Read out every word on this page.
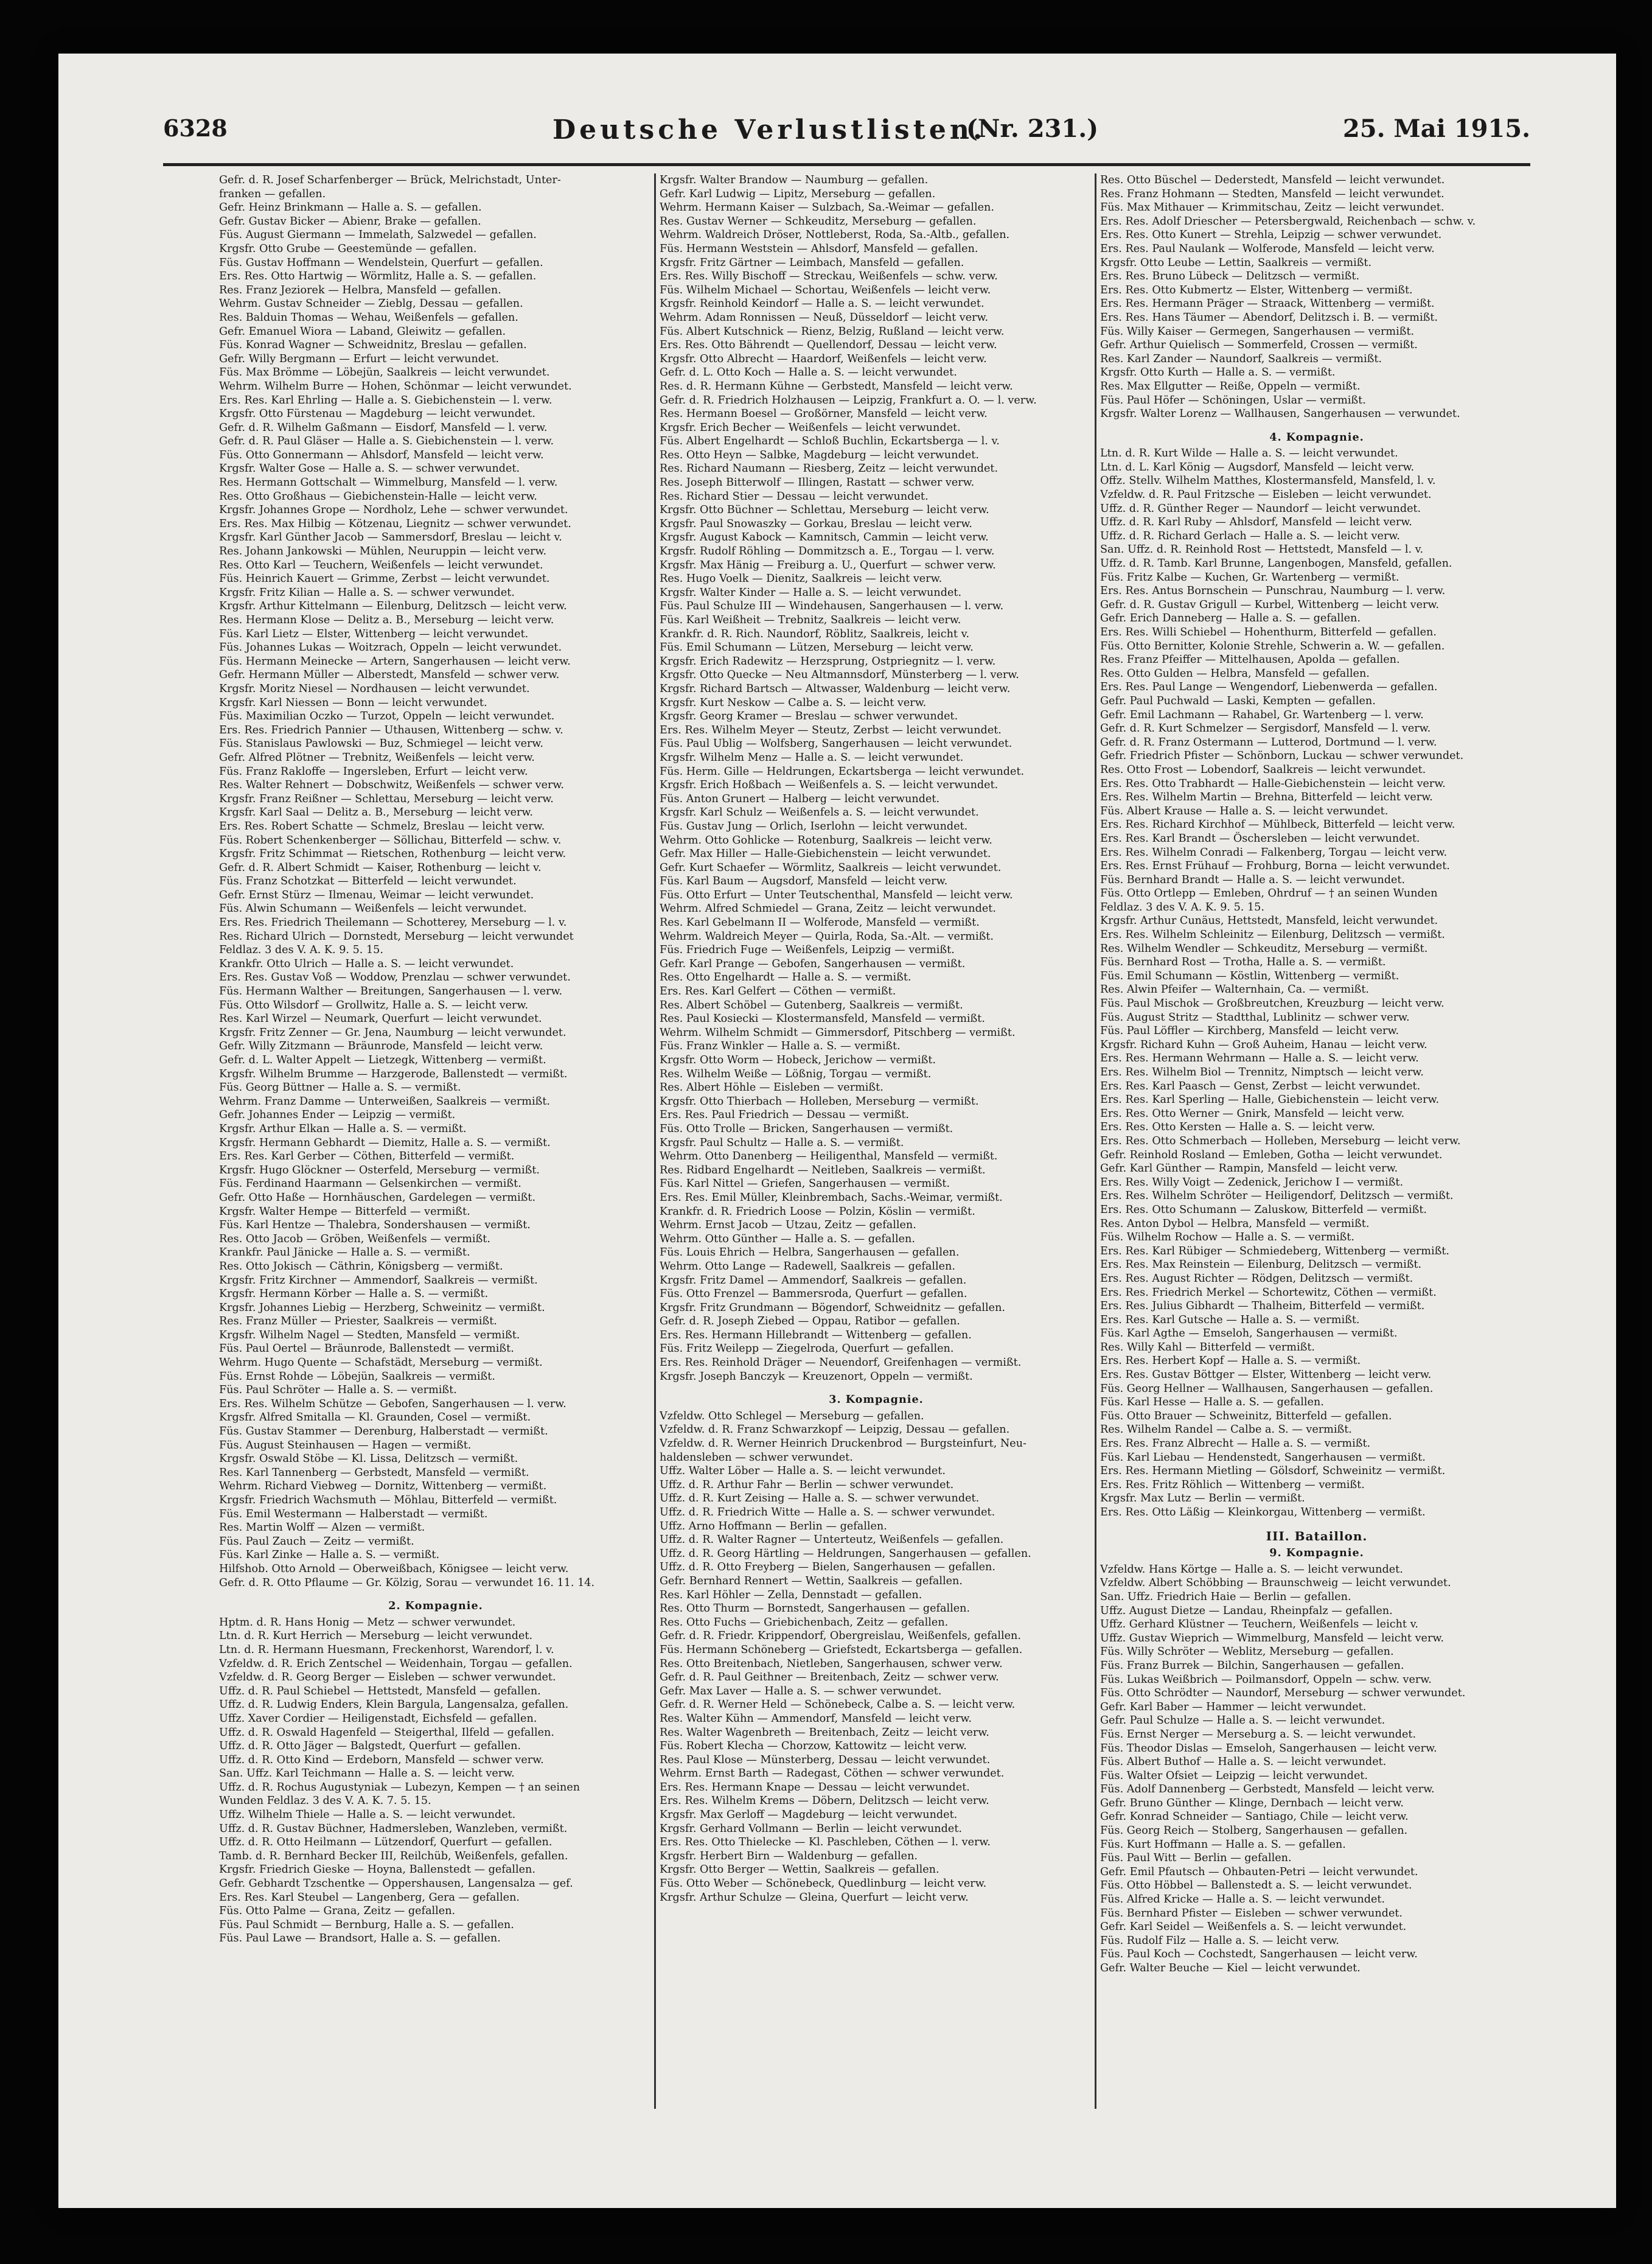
6328	Deutsche Verlustlisten.
(Nr. 231.)	25. Mai 1915.
Gefr. d. R. Josef Scharfenberger — Brück, Melrichstadt, Unter-
franken — gefallen.
Gefr. Heinz Brinkmann — Halle a. S. — gefallen.
Gefr. Gustav Bicker — Abienr, Brake — gefallen.
Füs. August Giermann — Immelath, Salzwedel — gefallen.
Krgsfr. Otto Grube — Geestemünde — gefallen.
Füs. Gustav Hoffmann — Wendelstein, Querfurt — gefallen.
Ers. Res. Otto Hartwig — Wörmlitz, Halle a. S. — gefallen.
Res. Franz Jeziorek — Helbra, Mansfeld — gefallen.
Wehrm. Gustav Schneider — Zieblg, Dessau — gefallen.
Res. Balduin Thomas — Wehau, Weißenfels — gefallen.
Gefr. Emanuel Wiora — Laband, Gleiwitz — gefallen.
Füs. Konrad Wagner — Schweidnitz, Breslau — gefallen.
Gefr. Willy Bergmann — Erfurt — leicht verwundet.
Füs. Max Brömme — Löbejün, Saalkreis — leicht verwundet.
Wehrm. Wilhelm Burre — Hohen, Schönmar — leicht verwundet.
Ers. Res. Karl Ehrling — Halle a. S. Giebichenstein — l. verw.
Krgsfr. Otto Fürstenau — Magdeburg — leicht verwundet.
Gefr. d. R. Wilhelm Gaßmann — Eisdorf, Mansfeld — l. verw.
Gefr. d. R. Paul Gläser — Halle a. S. Giebichenstein — l. verw.
Füs. Otto Gonnermann — Ahlsdorf, Mansfeld — leicht verw.
Krgsfr. Walter Gose — Halle a. S. — schwer verwundet.
Res. Hermann Gottschalt — Wimmelburg, Mansfeld — l. verw.
Res. Otto Großhaus — Giebichenstein-Halle — leicht verw.
Krgsfr. Johannes Grope — Nordholz, Lehe — schwer verwundet.
Ers. Res. Max Hilbig — Kötzenau, Liegnitz — schwer verwundet.
Krgsfr. Karl Günther Jacob — Sammersdorf, Breslau — leicht v.
Res. Johann Jankowski — Mühlen, Neuruppin — leicht verw.
Res. Otto Karl — Teuchern, Weißenfels — leicht verwundet.
Füs. Heinrich Kauert — Grimme, Zerbst — leicht verwundet.
Krgsfr. Fritz Kilian — Halle a. S. — schwer verwundet.
Krgsfr. Arthur Kittelmann — Eilenburg, Delitzsch — leicht verw.
Res. Hermann Klose — Delitz a. B., Merseburg — leicht verw.
Füs. Karl Lietz — Elster, Wittenberg — leicht verwundet.
Füs. Johannes Lukas — Woitzrach, Oppeln — leicht verwundet.
Füs. Hermann Meinecke — Artern, Sangerhausen — leicht verw.
Gefr. Hermann Müller — Alberstedt, Mansfeld — schwer verw.
Krgsfr. Moritz Niesel — Nordhausen — leicht verwundet.
Krgsfr. Karl Niessen — Bonn — leicht verwundet.
Füs. Maximilian Oczko — Turzot, Oppeln — leicht verwundet.
Ers. Res. Friedrich Pannier — Uthausen, Wittenberg — schw. v.
Füs. Stanislaus Pawlowski — Buz, Schmiegel — leicht verw.
Gefr. Alfred Plötner — Trebnitz, Weißenfels — leicht verw.
Füs. Franz Rakloffe — Ingersleben, Erfurt — leicht verw.
Res. Walter Rehnert — Dobschwitz, Weißenfels — schwer verw.
Krgsfr. Franz Reißner — Schlettau, Merseburg — leicht verw.
Krgsfr. Karl Saal — Delitz a. B., Merseburg — leicht verw.
Ers. Res. Robert Schatte — Schmelz, Breslau — leicht verw.
Füs. Robert Schenkenberger — Söllichau, Bitterfeld — schw. v.
Krgsfr. Fritz Schimmat — Rietschen, Rothenburg — leicht verw.
Gefr. d. R. Albert Schmidt — Kaiser, Rothenburg — leicht v.
Füs. Franz Schotzkat — Bitterfeld — leicht verwundet.
Gefr. Ernst Stürz — Ilmenau, Weimar — leicht verwundet.
Füs. Alwin Schumann — Weißenfels — leicht verwundet.
Ers. Res. Friedrich Theilemann — Schotterey, Merseburg — l. v.
Res. Richard Ulrich — Dornstedt, Merseburg — leicht verwundet
Feldlaz. 3 des V. A. K. 9. 5. 15.
Krankfr. Otto Ulrich — Halle a. S. — leicht verwundet.
Ers. Res. Gustav Voß — Woddow, Prenzlau — schwer verwundet.
Füs. Hermann Walther — Breitungen, Sangerhausen — l. verw.
Füs. Otto Wilsdorf — Grollwitz, Halle a. S. — leicht verw.
Res. Karl Wirzel — Neumark, Querfurt — leicht verwundet.
Krgsfr. Fritz Zenner — Gr. Jena, Naumburg — leicht verwundet.
Gefr. Willy Zitzmann — Bräunrode, Mansfeld — leicht verw.
Gefr. d. L. Walter Appelt — Lietzegk, Wittenberg — vermißt.
Krgsfr. Wilhelm Brumme — Harzgerode, Ballenstedt — vermißt.
Füs. Georg Büttner — Halle a. S. — vermißt.
Wehrm. Franz Damme — Unterweißen, Saalkreis — vermißt.
Gefr. Johannes Ender — Leipzig — vermißt.
Krgsfr. Arthur Elkan — Halle a. S. — vermißt.
Krgsfr. Hermann Gebhardt — Diemitz, Halle a. S. — vermißt.
Ers. Res. Karl Gerber — Cöthen, Bitterfeld — vermißt.
Krgsfr. Hugo Glöckner — Osterfeld, Merseburg — vermißt.
Füs. Ferdinand Haarmann — Gelsenkirchen — vermißt.
Gefr. Otto Haße — Hornhäuschen, Gardelegen — vermißt.
Krgsfr. Walter Hempe — Bitterfeld — vermißt.
Füs. Karl Hentze — Thalebra, Sondershausen — vermißt.
Res. Otto Jacob — Gröben, Weißenfels — vermißt.
Krankfr. Paul Jänicke — Halle a. S. — vermißt.
Res. Otto Jokisch — Cäthrin, Königsberg — vermißt.
Krgsfr. Fritz Kirchner — Ammendorf, Saalkreis — vermißt.
Krgsfr. Hermann Körber — Halle a. S. — vermißt.
Krgsfr. Johannes Liebig — Herzberg, Schweinitz — vermißt.
Res. Franz Müller — Priester, Saalkreis — vermißt.
Krgsfr. Wilhelm Nagel — Stedten, Mansfeld — vermißt.
Füs. Paul Oertel — Bräunrode, Ballenstedt — vermißt.
Wehrm. Hugo Quente — Schafstädt, Merseburg — vermißt.
Füs. Ernst Rohde — Löbejün, Saalkreis — vermißt.
Füs. Paul Schröter — Halle a. S. — vermißt.
Ers. Res. Wilhelm Schütze — Gebofen, Sangerhausen — l. verw.
Krgsfr. Alfred Smitalla — Kl. Graunden, Cosel — vermißt.
Füs. Gustav Stammer — Derenburg, Halberstadt — vermißt.
Füs. August Steinhausen — Hagen — vermißt.
Krgsfr. Oswald Stöbe — Kl. Lissa, Delitzsch — vermißt.
Res. Karl Tannenberg — Gerbstedt, Mansfeld — vermißt.
Wehrm. Richard Viebweg — Dornitz, Wittenberg — vermißt.
Krgsfr. Friedrich Wachsmuth — Möhlau, Bitterfeld — vermißt.
Füs. Emil Westermann — Halberstadt — vermißt.
Res. Martin Wolff — Alzen — vermißt.
Füs. Paul Zauch — Zeitz — vermißt.
Füs. Karl Zinke — Halle a. S. — vermißt.
Hilfshob. Otto Arnold — Oberweißbach, Königsee — leicht verw.
Gefr. d. R. Otto Pflaume — Gr. Kölzig, Sorau — verwundet 16. 11. 14.
2. Kompagnie.
Hptm. d. R. Hans Honig — Metz — schwer verwundet.
Ltn. d. R. Kurt Herrich — Merseburg — leicht verwundet.
Ltn. d. R. Hermann Huesmann, Freckenhorst, Warendorf, l. v.
Vzfeldw. d. R. Erich Zentschel — Weidenhain, Torgau — gefallen.
Vzfeldw. d. R. Georg Berger — Eisleben — schwer verwundet.
Uffz. d. R. Paul Schiebel — Hettstedt, Mansfeld — gefallen.
Uffz. d. R. Ludwig Enders, Klein Bargula, Langensalza, gefallen.
Uffz. Xaver Cordier — Heiligenstadt, Eichsfeld — gefallen.
Uffz. d. R. Oswald Hagenfeld — Steigerthal, Ilfeld — gefallen.
Uffz. d. R. Otto Jäger — Balgstedt, Querfurt — gefallen.
Uffz. d. R. Otto Kind — Erdeborn, Mansfeld — schwer verw.
San. Uffz. Karl Teichmann — Halle a. S. — leicht verw.
Uffz. d. R. Rochus Augustyniak — Lubezyn, Kempen — † an seinen
Wunden Feldlaz. 3 des V. A. K. 7. 5. 15.
Uffz. Wilhelm Thiele — Halle a. S. — leicht verwundet.
Uffz. d. R. Gustav Büchner, Hadmersleben, Wanzleben, vermißt.
Uffz. d. R. Otto Heilmann — Lützendorf, Querfurt — gefallen.
Tamb. d. R. Bernhard Becker III, Reilchüb, Weißenfels, gefallen.
Krgsfr. Friedrich Gieske — Hoyna, Ballenstedt — gefallen.
Gefr. Gebhardt Tzschentke — Oppershausen, Langensalza — gef.
Ers. Res. Karl Steubel — Langenberg, Gera — gefallen.
Füs. Otto Palme — Grana, Zeitz — gefallen.
Füs. Paul Schmidt — Bernburg, Halle a. S. — gefallen.
Füs. Paul Lawe — Brandsort, Halle a. S. — gefallen.
Krgsfr. Walter Brandow — Naumburg — gefallen.
Gefr. Karl Ludwig — Lipitz, Merseburg — gefallen.
Wehrm. Hermann Kaiser — Sulzbach, Sa.-Weimar — gefallen.
Res. Gustav Werner — Schkeuditz, Merseburg — gefallen.
Wehrm. Waldreich Dröser, Nottleberst, Roda, Sa.-Altb., gefallen.
Füs. Hermann Weststein — Ahlsdorf, Mansfeld — gefallen.
Krgsfr. Fritz Gärtner — Leimbach, Mansfeld — gefallen.
Ers. Res. Willy Bischoff — Streckau, Weißenfels — schw. verw.
Füs. Wilhelm Michael — Schortau, Weißenfels — leicht verw.
Krgsfr. Reinhold Keindorf — Halle a. S. — leicht verwundet.
Wehrm. Adam Ronnissen — Neuß, Düsseldorf — leicht verw.
Füs. Albert Kutschnick — Rienz, Belzig, Rußland — leicht verw.
Ers. Res. Otto Bährendt — Quellendorf, Dessau — leicht verw.
Krgsfr. Otto Albrecht — Haardorf, Weißenfels — leicht verw.
Gefr. d. L. Otto Koch — Halle a. S. — leicht verwundet.
Res. d. R. Hermann Kühne — Gerbstedt, Mansfeld — leicht verw.
Gefr. d. R. Friedrich Holzhausen — Leipzig, Frankfurt a. O. — l. verw.
Res. Hermann Boesel — Großörner, Mansfeld — leicht verw.
Krgsfr. Erich Becher — Weißenfels — leicht verwundet.
Füs. Albert Engelhardt — Schloß Buchlin, Eckartsberga — l. v.
Res. Otto Heyn — Salbke, Magdeburg — leicht verwundet.
Res. Richard Naumann — Riesberg, Zeitz — leicht verwundet.
Res. Joseph Bitterwolf — Illingen, Rastatt — schwer verw.
Res. Richard Stier — Dessau — leicht verwundet.
Krgsfr. Otto Büchner — Schlettau, Merseburg — leicht verw.
Krgsfr. Paul Snowaszky — Gorkau, Breslau — leicht verw.
Krgsfr. August Kabock — Kamnitsch, Cammin — leicht verw.
Krgsfr. Rudolf Röhling — Dommitzsch a. E., Torgau — l. verw.
Krgsfr. Max Hänig — Freiburg a. U., Querfurt — schwer verw.
Res. Hugo Voelk — Dienitz, Saalkreis — leicht verw.
Krgsfr. Walter Kinder — Halle a. S. — leicht verwundet.
Füs. Paul Schulze III — Windehausen, Sangerhausen — l. verw.
Füs. Karl Weißheit — Trebnitz, Saalkreis — leicht verw.
Krankfr. d. R. Rich. Naundorf, Röblitz, Saalkreis, leicht v.
Füs. Emil Schumann — Lützen, Merseburg — leicht verw.
Krgsfr. Erich Radewitz — Herzsprung, Ostpriegnitz — l. verw.
Krgsfr. Otto Quecke — Neu Altmannsdorf, Münsterberg — l. verw.
Krgsfr. Richard Bartsch — Altwasser, Waldenburg — leicht verw.
Krgsfr. Kurt Neskow — Calbe a. S. — leicht verw.
Krgsfr. Georg Kramer — Breslau — schwer verwundet.
Ers. Res. Wilhelm Meyer — Steutz, Zerbst — leicht verwundet.
Füs. Paul Ublig — Wolfsberg, Sangerhausen — leicht verwundet.
Krgsfr. Wilhelm Menz — Halle a. S. — leicht verwundet.
Füs. Herm. Gille — Heldrungen, Eckartsberga — leicht verwundet.
Krgsfr. Erich Hoßbach — Weißenfels a. S. — leicht verwundet.
Füs. Anton Grunert — Halberg — leicht verwundet.
Krgsfr. Karl Schulz — Weißenfels a. S. — leicht verwundet.
Füs. Gustav Jung — Orlich, Iserlohn — leicht verwundet.
Wehrm. Otto Gohlicke — Rotenburg, Saalkreis — leicht verw.
Gefr. Max Hiller — Halle-Giebichenstein — leicht verwundet.
Gefr. Kurt Schaefer — Wörmlitz, Saalkreis — leicht verwundet.
Füs. Karl Baum — Augsdorf, Mansfeld — leicht verw.
Füs. Otto Erfurt — Unter Teutschenthal, Mansfeld — leicht verw.
Wehrm. Alfred Schmiedel — Grana, Zeitz — leicht verwundet.
Res. Karl Gebelmann II — Wolferode, Mansfeld — vermißt.
Wehrm. Waldreich Meyer — Quirla, Roda, Sa.-Alt. — vermißt.
Füs. Friedrich Fuge — Weißenfels, Leipzig — vermißt.
Gefr. Karl Prange — Gebofen, Sangerhausen — vermißt.
Res. Otto Engelhardt — Halle a. S. — vermißt.
Ers. Res. Karl Gelfert — Cöthen — vermißt.
Res. Albert Schöbel — Gutenberg, Saalkreis — vermißt.
Res. Paul Kosiecki — Klostermansfeld, Mansfeld — vermißt.
Wehrm. Wilhelm Schmidt — Gimmersdorf, Pitschberg — vermißt.
Füs. Franz Winkler — Halle a. S. — vermißt.
Krgsfr. Otto Worm — Hobeck, Jerichow — vermißt.
Res. Wilhelm Weiße — Lößnig, Torgau — vermißt.
Res. Albert Höhle — Eisleben — vermißt.
Krgsfr. Otto Thierbach — Holleben, Merseburg — vermißt.
Ers. Res. Paul Friedrich — Dessau — vermißt.
Füs. Otto Trolle — Bricken, Sangerhausen — vermißt.
Krgsfr. Paul Schultz — Halle a. S. — vermißt.
Wehrm. Otto Danenberg — Heiligenthal, Mansfeld — vermißt.
Res. Ridbard Engelhardt — Neitleben, Saalkreis — vermißt.
Füs. Karl Nittel — Griefen, Sangerhausen — vermißt.
Ers. Res. Emil Müller, Kleinbrembach, Sachs.-Weimar, vermißt.
Krankfr. d. R. Friedrich Loose — Polzin, Köslin — vermißt.
Wehrm. Ernst Jacob — Utzau, Zeitz — gefallen.
Wehrm. Otto Günther — Halle a. S. — gefallen.
Füs. Louis Ehrich — Helbra, Sangerhausen — gefallen.
Wehrm. Otto Lange — Radewell, Saalkreis — gefallen.
Krgsfr. Fritz Damel — Ammendorf, Saalkreis — gefallen.
Füs. Otto Frenzel — Bammersroda, Querfurt — gefallen.
Krgsfr. Fritz Grundmann — Bögendorf, Schweidnitz — gefallen.
Gefr. d. R. Joseph Ziebed — Oppau, Ratibor — gefallen.
Ers. Res. Hermann Hillebrandt — Wittenberg — gefallen.
Füs. Fritz Weilepp — Ziegelroda, Querfurt — gefallen.
Ers. Res. Reinhold Dräger — Neuendorf, Greifenhagen — vermißt.
Krgsfr. Joseph Banczyk — Kreuzenort, Oppeln — vermißt.
3. Kompagnie.
Vzfeldw. Otto Schlegel — Merseburg — gefallen.
Vzfeldw. d. R. Franz Schwarzkopf — Leipzig, Dessau — gefallen.
Vzfeldw. d. R. Werner Heinrich Druckenbrod — Burgsteinfurt, Neu-
haldensleben — schwer verwundet.
Uffz. Walter Löber — Halle a. S. — leicht verwundet.
Uffz. d. R. Arthur Fahr — Berlin — schwer verwundet.
Uffz. d. R. Kurt Zeising — Halle a. S. — schwer verwundet.
Uffz. d. R. Friedrich Witte — Halle a. S. — schwer verwundet.
Uffz. Arno Hoffmann — Berlin — gefallen.
Uffz. d. R. Walter Ragner — Unterteutz, Weißenfels — gefallen.
Uffz. d. R. Georg Härtling — Heldrungen, Sangerhausen — gefallen.
Uffz. d. R. Otto Freyberg — Bielen, Sangerhausen — gefallen.
Gefr. Bernhard Rennert — Wettin, Saalkreis — gefallen.
Res. Karl Höhler — Zella, Dennstadt — gefallen.
Res. Otto Thurm — Bornstedt, Sangerhausen — gefallen.
Res. Otto Fuchs — Griebichenbach, Zeitz — gefallen.
Gefr. d. R. Friedr. Krippendorf, Obergreislau, Weißenfels, gefallen.
Füs. Hermann Schöneberg — Griefstedt, Eckartsberga — gefallen.
Res. Otto Breitenbach, Nietleben, Sangerhausen, schwer verw.
Gefr. d. R. Paul Geithner — Breitenbach, Zeitz — schwer verw.
Gefr. Max Laver — Halle a. S. — schwer verwundet.
Gefr. d. R. Werner Held — Schönebeck, Calbe a. S. — leicht verw.
Res. Walter Kühn — Ammendorf, Mansfeld — leicht verw.
Res. Walter Wagenbreth — Breitenbach, Zeitz — leicht verw.
Füs. Robert Klecha — Chorzow, Kattowitz — leicht verw.
Res. Paul Klose — Münsterberg, Dessau — leicht verwundet.
Wehrm. Ernst Barth — Radegast, Cöthen — schwer verwundet.
Ers. Res. Hermann Knape — Dessau — leicht verwundet.
Ers. Res. Wilhelm Krems — Döbern, Delitzsch — leicht verw.
Krgsfr. Max Gerloff — Magdeburg — leicht verwundet.
Krgsfr. Gerhard Vollmann — Berlin — leicht verwundet.
Ers. Res. Otto Thielecke — Kl. Paschleben, Cöthen — l. verw.
Krgsfr. Herbert Birn — Waldenburg — gefallen.
Krgsfr. Otto Berger — Wettin, Saalkreis — gefallen.
Füs. Otto Weber — Schönebeck, Quedlinburg — leicht verw.
Krgsfr. Arthur Schulze — Gleina, Querfurt — leicht verw.
Res. Otto Büschel — Dederstedt, Mansfeld — leicht verwundet.
Res. Franz Hohmann — Stedten, Mansfeld — leicht verwundet.
Füs. Max Mithauer — Krimmitschau, Zeitz — leicht verwundet.
Ers. Res. Adolf Driescher — Petersbergwald, Reichenbach — schw. v.
Ers. Res. Otto Kunert — Strehla, Leipzig — schwer verwundet.
Ers. Res. Paul Naulank — Wolferode, Mansfeld — leicht verw.
Krgsfr. Otto Leube — Lettin, Saalkreis — vermißt.
Ers. Res. Bruno Lübeck — Delitzsch — vermißt.
Ers. Res. Otto Kubmertz — Elster, Wittenberg — vermißt.
Ers. Res. Hermann Präger — Straack, Wittenberg — vermißt.
Ers. Res. Hans Täumer — Abendorf, Delitzsch i. B. — vermißt.
Füs. Willy Kaiser — Germegen, Sangerhausen — vermißt.
Gefr. Arthur Quielisch — Sommerfeld, Crossen — vermißt.
Res. Karl Zander — Naundorf, Saalkreis — vermißt.
Krgsfr. Otto Kurth — Halle a. S. — vermißt.
Res. Max Ellgutter — Reiße, Oppeln — vermißt.
Füs. Paul Höfer — Schöningen, Uslar — vermißt.
Krgsfr. Walter Lorenz — Wallhausen, Sangerhausen — verwundet.
4. Kompagnie.
Ltn. d. R. Kurt Wilde — Halle a. S. — leicht verwundet.
Ltn. d. L. Karl König — Augsdorf, Mansfeld — leicht verw.
Offz. Stellv. Wilhelm Matthes, Klostermansfeld, Mansfeld, l. v.
Vzfeldw. d. R. Paul Fritzsche — Eisleben — leicht verwundet.
Uffz. d. R. Günther Reger — Naundorf — leicht verwundet.
Uffz. d. R. Karl Ruby — Ahlsdorf, Mansfeld — leicht verw.
Uffz. d. R. Richard Gerlach — Halle a. S. — leicht verw.
San. Uffz. d. R. Reinhold Rost — Hettstedt, Mansfeld — l. v.
Uffz. d. R. Tamb. Karl Brunne, Langenbogen, Mansfeld, gefallen.
Füs. Fritz Kalbe — Kuchen, Gr. Wartenberg — vermißt.
Ers. Res. Antus Bornschein — Punschrau, Naumburg — l. verw.
Gefr. d. R. Gustav Grigull — Kurbel, Wittenberg — leicht verw.
Gefr. Erich Danneberg — Halle a. S. — gefallen.
Ers. Res. Willi Schiebel — Hohenthurm, Bitterfeld — gefallen.
Füs. Otto Bernitter, Kolonie Strehle, Schwerin a. W. — gefallen.
Res. Franz Pfeiffer — Mittelhausen, Apolda — gefallen.
Res. Otto Gulden — Helbra, Mansfeld — gefallen.
Ers. Res. Paul Lange — Wengendorf, Liebenwerda — gefallen.
Gefr. Paul Puchwald — Laski, Kempten — gefallen.
Gefr. Emil Lachmann — Rahabel, Gr. Wartenberg — l. verw.
Gefr. d. R. Kurt Schmelzer — Sergisdorf, Mansfeld — l. verw.
Gefr. d. R. Franz Ostermann — Lutterod, Dortmund — l. verw.
Gefr. Friedrich Pfister — Schönborn, Luckau — schwer verwundet.
Res. Otto Frost — Lobendorf, Saalkreis — leicht verwundet.
Ers. Res. Otto Trabhardt — Halle-Giebichenstein — leicht verw.
Ers. Res. Wilhelm Martin — Brehna, Bitterfeld — leicht verw.
Füs. Albert Krause — Halle a. S. — leicht verwundet.
Ers. Res. Richard Kirchhof — Mühlbeck, Bitterfeld — leicht verw.
Ers. Res. Karl Brandt — Öschersleben — leicht verwundet.
Ers. Res. Wilhelm Conradi — Falkenberg, Torgau — leicht verw.
Ers. Res. Ernst Frühauf — Frohburg, Borna — leicht verwundet.
Füs. Bernhard Brandt — Halle a. S. — leicht verwundet.
Füs. Otto Ortlepp — Emleben, Ohrdruf — † an seinen Wunden
Feldlaz. 3 des V. A. K. 9. 5. 15.
Krgsfr. Arthur Cunäus, Hettstedt, Mansfeld, leicht verwundet.
Ers. Res. Wilhelm Schleinitz — Eilenburg, Delitzsch — vermißt.
Res. Wilhelm Wendler — Schkeuditz, Merseburg — vermißt.
Füs. Bernhard Rost — Trotha, Halle a. S. — vermißt.
Füs. Emil Schumann — Köstlin, Wittenberg — vermißt.
Res. Alwin Pfeifer — Walternhain, Ca. — vermißt.
Füs. Paul Mischok — Großbreutchen, Kreuzburg — leicht verw.
Füs. August Stritz — Stadtthal, Lublinitz — schwer verw.
Füs. Paul Löffler — Kirchberg, Mansfeld — leicht verw.
Krgsfr. Richard Kuhn — Groß Auheim, Hanau — leicht verw.
Ers. Res. Hermann Wehrmann — Halle a. S. — leicht verw.
Ers. Res. Wilhelm Biol — Trennitz, Nimptsch — leicht verw.
Ers. Res. Karl Paasch — Genst, Zerbst — leicht verwundet.
Ers. Res. Karl Sperling — Halle, Giebichenstein — leicht verw.
Ers. Res. Otto Werner — Gnirk, Mansfeld — leicht verw.
Ers. Res. Otto Kersten — Halle a. S. — leicht verw.
Ers. Res. Otto Schmerbach — Holleben, Merseburg — leicht verw.
Gefr. Reinhold Rosland — Emleben, Gotha — leicht verwundet.
Gefr. Karl Günther — Rampin, Mansfeld — leicht verw.
Ers. Res. Willy Voigt — Zedenick, Jerichow I — vermißt.
Ers. Res. Wilhelm Schröter — Heiligendorf, Delitzsch — vermißt.
Ers. Res. Otto Schumann — Zaluskow, Bitterfeld — vermißt.
Res. Anton Dybol — Helbra, Mansfeld — vermißt.
Füs. Wilhelm Rochow — Halle a. S. — vermißt.
Ers. Res. Karl Rübiger — Schmiedeberg, Wittenberg — vermißt.
Ers. Res. Max Reinstein — Eilenburg, Delitzsch — vermißt.
Ers. Res. August Richter — Rödgen, Delitzsch — vermißt.
Ers. Res. Friedrich Merkel — Schortewitz, Cöthen — vermißt.
Ers. Res. Julius Gibhardt — Thalheim, Bitterfeld — vermißt.
Ers. Res. Karl Gutsche — Halle a. S. — vermißt.
Füs. Karl Agthe — Emseloh, Sangerhausen — vermißt.
Res. Willy Kahl — Bitterfeld — vermißt.
Ers. Res. Herbert Kopf — Halle a. S. — vermißt.
Ers. Res. Gustav Böttger — Elster, Wittenberg — leicht verw.
Füs. Georg Hellner — Wallhausen, Sangerhausen — gefallen.
Füs. Karl Hesse — Halle a. S. — gefallen.
Füs. Otto Brauer — Schweinitz, Bitterfeld — gefallen.
Res. Wilhelm Randel — Calbe a. S. — vermißt.
Ers. Res. Franz Albrecht — Halle a. S. — vermißt.
Füs. Karl Liebau — Hendenstedt, Sangerhausen — vermißt.
Ers. Res. Hermann Mietling — Gölsdorf, Schweinitz — vermißt.
Ers. Res. Fritz Röhlich — Wittenberg — vermißt.
Krgsfr. Max Lutz — Berlin — vermißt.
Ers. Res. Otto Läßig — Kleinkorgau, Wittenberg — vermißt.
III. Bataillon.
9. Kompagnie.
Vzfeldw. Hans Körtge — Halle a. S. — leicht verwundet.
Vzfeldw. Albert Schöbbing — Braunschweig — leicht verwundet.
San. Uffz. Friedrich Haie — Berlin — gefallen.
Uffz. August Dietze — Landau, Rheinpfalz — gefallen.
Uffz. Gerhard Klüstner — Teuchern, Weißenfels — leicht v.
Uffz. Gustav Wieprich — Wimmelburg, Mansfeld — leicht verw.
Füs. Willy Schröter — Weblitz, Merseburg — gefallen.
Füs. Franz Burrek — Bilchin, Sangerhausen — gefallen.
Füs. Lukas Weißbrich — Poilmansdorf, Oppeln — schw. verw.
Füs. Otto Schrödter — Naundorf, Merseburg — schwer verwundet.
Gefr. Karl Baber — Hammer — leicht verwundet.
Gefr. Paul Schulze — Halle a. S. — leicht verwundet.
Füs. Ernst Nerger — Merseburg a. S. — leicht verwundet.
Füs. Theodor Dislas — Emseloh, Sangerhausen — leicht verw.
Füs. Albert Buthof — Halle a. S. — leicht verwundet.
Füs. Walter Ofsiet — Leipzig — leicht verwundet.
Füs. Adolf Dannenberg — Gerbstedt, Mansfeld — leicht verw.
Gefr. Bruno Günther — Klinge, Dernbach — leicht verw.
Gefr. Konrad Schneider — Santiago, Chile — leicht verw.
Füs. Georg Reich — Stolberg, Sangerhausen — gefallen.
Füs. Kurt Hoffmann — Halle a. S. — gefallen.
Füs. Paul Witt — Berlin — gefallen.
Gefr. Emil Pfautsch — Ohbauten-Petri — leicht verwundet.
Füs. Otto Höbbel — Ballenstedt a. S. — leicht verwundet.
Füs. Alfred Kricke — Halle a. S. — leicht verwundet.
Füs. Bernhard Pfister — Eisleben — schwer verwundet.
Gefr. Karl Seidel — Weißenfels a. S. — leicht verwundet.
Füs. Rudolf Filz — Halle a. S. — leicht verw.
Füs. Paul Koch — Cochstedt, Sangerhausen — leicht verw.
Gefr. Walter Beuche — Kiel — leicht verwundet.
